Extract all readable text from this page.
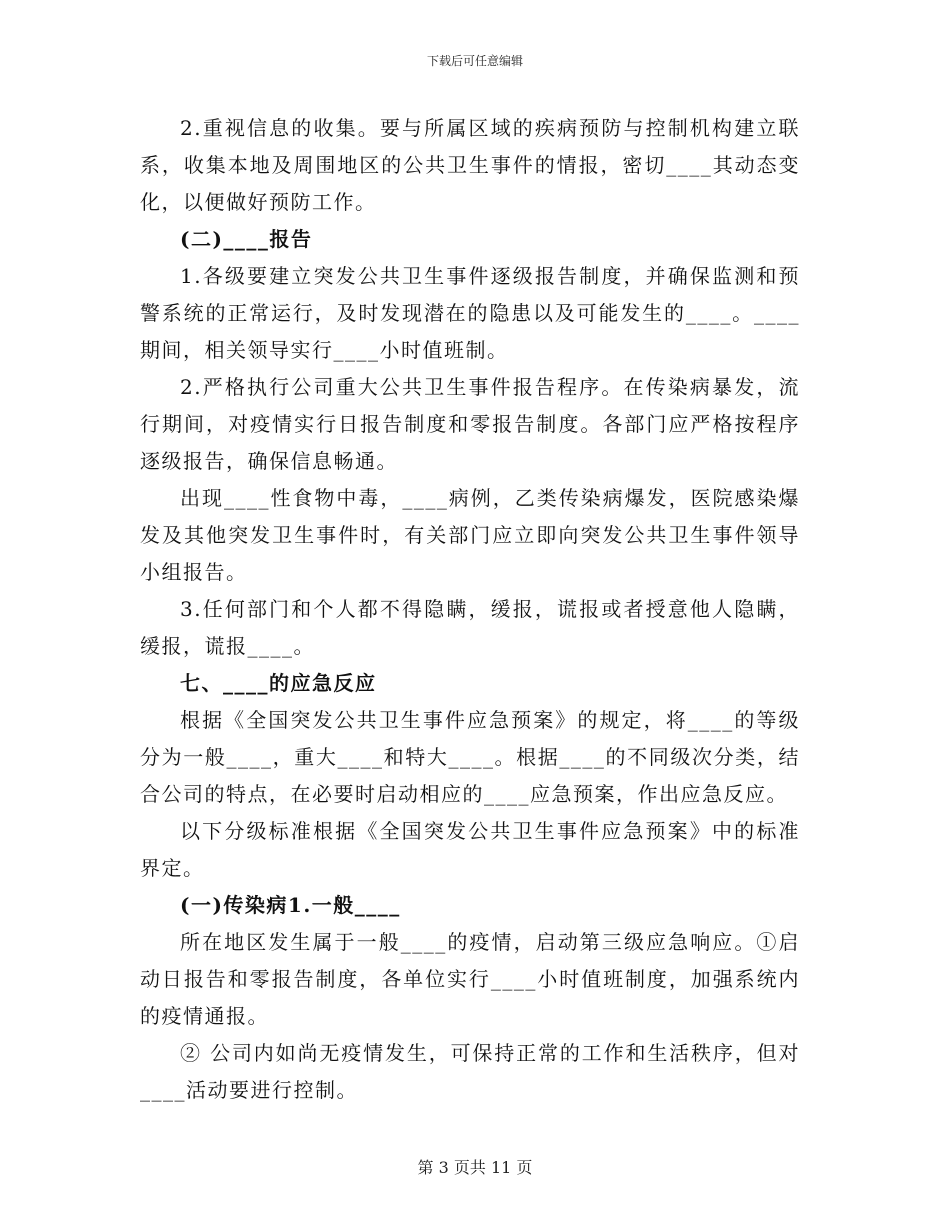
下载后可任意编辑

2.重视信息的收集。要与所属区域的疾病预防与控制机构建立联系，收集本地及周围地区的公共卫生事件的情报，密切____其动态变化，以便做好预防工作。

(二)____报告

1.各级要建立突发公共卫生事件逐级报告制度，并确保监测和预警系统的正常运行，及时发现潜在的隐患以及可能发生的____。____期间，相关领导实行____小时值班制。

2.严格执行公司重大公共卫生事件报告程序。在传染病暴发，流行期间，对疫情实行日报告制度和零报告制度。各部门应严格按程序逐级报告，确保信息畅通。

出现____性食物中毒，____病例，乙类传染病爆发，医院感染爆发及其他突发卫生事件时，有关部门应立即向突发公共卫生事件领导小组报告。

3.任何部门和个人都不得隐瞒，缓报，谎报或者授意他人隐瞒，缓报，谎报____。

七、____的应急反应

根据《全国突发公共卫生事件应急预案》的规定，将____的等级分为一般____，重大____和特大____。根据____的不同级次分类，结合公司的特点，在必要时启动相应的____应急预案，作出应急反应。

以下分级标准根据《全国突发公共卫生事件应急预案》中的标准界定。

(一)传染病1.一般____

所在地区发生属于一般____的疫情，启动第三级应急响应。①启动日报告和零报告制度，各单位实行____小时值班制度，加强系统内的疫情通报。

② 公司内如尚无疫情发生，可保持正常的工作和生活秩序，但对____活动要进行控制。

第 3 页共 11 页
